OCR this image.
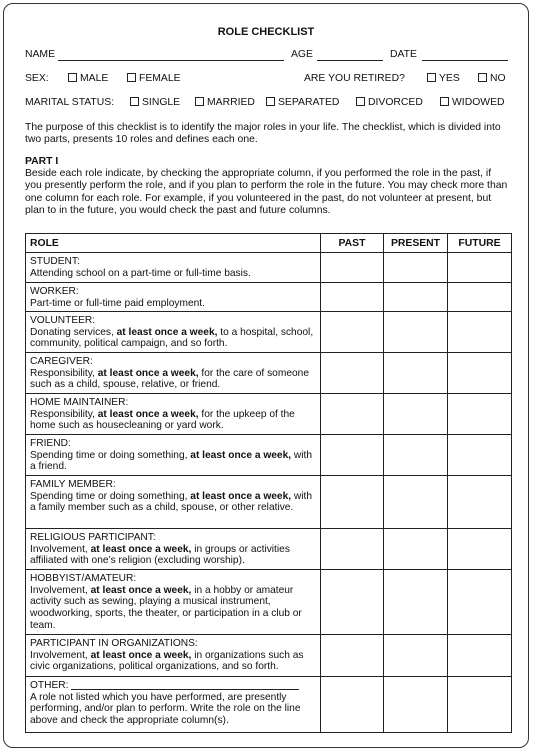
ROLE CHECKLIST
NAME	AGE	DATE
SEX:	MALE	FEMALE	ARE YOU RETIRED?	YES	NO
MARITAL STATUS:	SINGLE	MARRIED	SEPARATED	DIVORCED	WIDOWED
The purpose of this checklist is to identify the major roles in your life. The checklist, which is divided into two parts, presents 10 roles and defines each one.
PART I
Beside each role indicate, by checking the appropriate column, if you performed the role in the past, if you presently perform the role, and if you plan to perform the role in the future. You may check more than one column for each role. For example, if you volunteered in the past, do not volunteer at present, but plan to in the future, you would check the past and future columns.
ROLE	PAST	PRESENT	FUTURE

STUDENT:
Attending school on a part-time or full-time basis.			

WORKER:
Part-time or full-time paid employment.			

VOLUNTEER:
Donating services, at least once a week, to a hospital, school, community, political campaign, and so forth.			

CAREGIVER:
Responsibility, at least once a week, for the care of someone such as a child, spouse, relative, or friend.			

HOME MAINTAINER:
Responsibility, at least once a week, for the upkeep of the home such as housecleaning or yard work.			

FRIEND:
Spending time or doing something, at least once a week, with a friend.			

FAMILY MEMBER:
Spending time or doing something, at least once a week, with a family member such as a child, spouse, or other relative.			

RELIGIOUS PARTICIPANT:
Involvement, at least once a week, in groups or activities affiliated with one’s religion (excluding worship).			

HOBBYIST/AMATEUR:
Involvement, at least once a week, in a hobby or amateur activity such as sewing, playing a musical instrument, woodworking, sports, the theater, or participation in a club or team.			

PARTICIPANT IN ORGANIZATIONS:
Involvement, at least once a week, in organizations such as civic organizations, political organizations, and so forth.			

OTHER:
A role not listed which you have performed, are presently performing, and/or plan to perform. Write the role on the line above and check the appropriate column(s).			
